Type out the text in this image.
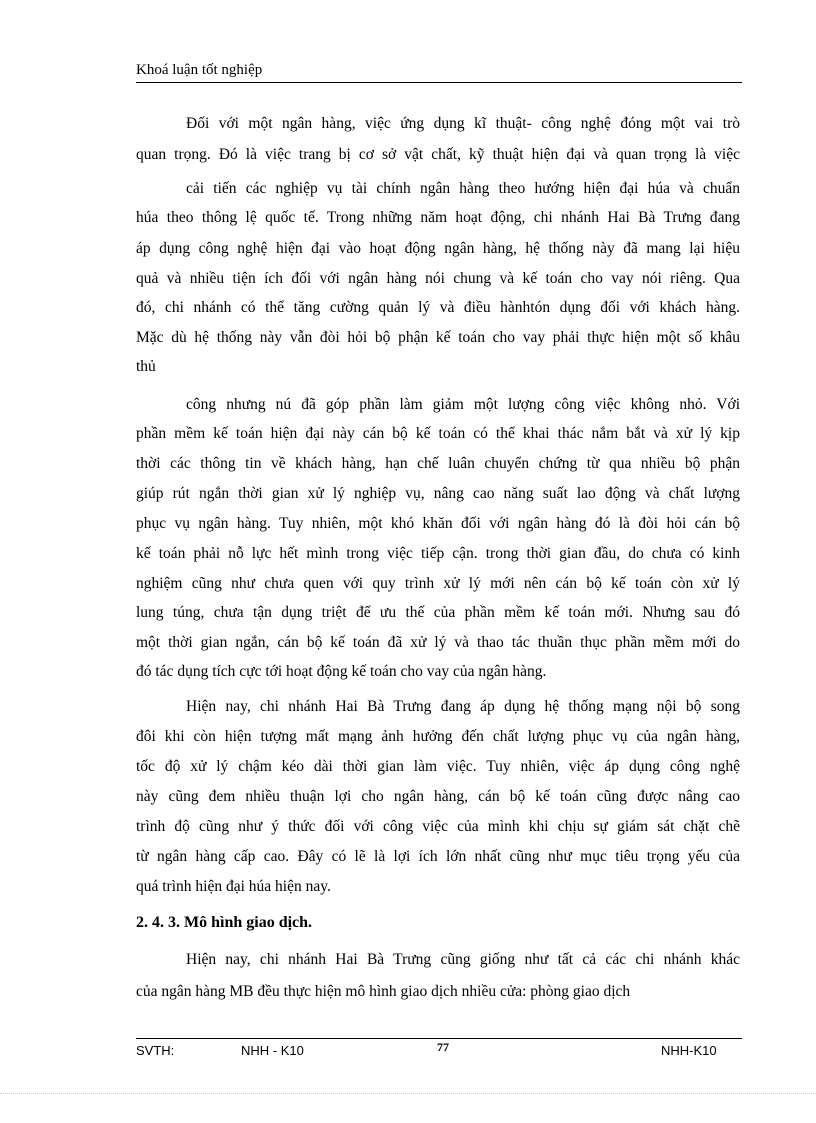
Khoá luận tốt nghiệp
Đối với một ngân hàng, việc ứng dụng kĩ thuật- công nghệ đóng một vai trò
quan trọng. Đó là việc trang bị cơ sở vật chất, kỹ thuật hiện đại và quan trọng là việc
cải tiến các nghiệp vụ tài chính ngân hàng theo hướng hiện đại húa và chuẩn
húa theo thông lệ quốc tế. Trong những năm hoạt động, chi nhánh Hai Bà Trưng đang
áp dụng công nghệ hiện đại vào hoạt động ngân hàng, hệ thống này đã mang lại hiệu
quả và nhiều tiện ích đối với ngân hàng nói chung và kế toán cho vay nói riêng. Qua
đó, chi nhánh có thể tăng cường quản lý và điều hànhtón dụng đối với khách hàng.
Mặc dù hệ thống này vẫn đòi hỏi bộ phận kế toán cho vay phải thực hiện một số khâu
thủ
công nhưng nú đã góp phần làm giảm một lượng công việc không nhỏ. Với
phần mềm kế toán hiện đại này cán bộ kế toán có thể khai thác nắm bắt và xử lý kịp
thời các thông tin về khách hàng, hạn chế luân chuyển chứng từ qua nhiều bộ phận
giúp rút ngắn thời gian xử lý nghiệp vụ, nâng cao năng suất lao động và chất lượng
phục vụ ngân hàng. Tuy nhiên, một khó khăn đối với ngân hàng đó là đòi hỏi cán bộ
kế toán phải nỗ lực hết mình trong việc tiếp cận. trong thời gian đầu, do chưa có kinh
nghiệm cũng như chưa quen với quy trình xử lý mới nên cán bộ kế toán còn xử lý
lung túng, chưa tận dụng triệt để ưu thế của phần mềm kế toán mới. Nhưng sau đó
một thời gian ngắn, cán bộ kế toán đã xử lý và thao tác thuần thục phần mềm mới do
đó tác dụng tích cực tới hoạt động kế toán cho vay của ngân hàng.
Hiện nay, chi nhánh Hai Bà Trưng đang áp dụng hệ thống mạng nội bộ song
đôi khi còn hiện tượng mất mạng ảnh hưởng đến chất lượng phục vụ của ngân hàng,
tốc độ xử lý chậm kéo dài thời gian làm việc. Tuy nhiên, việc áp dụng công nghệ
này cũng đem nhiều thuận lợi cho ngân hàng, cán bộ kế toán cũng được nâng cao
trình độ cũng như ý thức đối với công việc của mình khi chịu sự giám sát chặt chẽ
từ ngân hàng cấp cao. Đây có lẽ là lợi ích lớn nhất cũng như mục tiêu trọng yếu của
quá trình hiện đại húa hiện nay.
2. 4. 3. Mô hình giao dịch.
Hiện nay, chi nhánh Hai Bà Trưng cũng giống như tất cả các chi nhánh khác
của ngân hàng MB đều thực hiện mô hình giao dịch nhiều cửa: phòng giao dịch
SVTH:	NHH - K10	77	NHH-K10
